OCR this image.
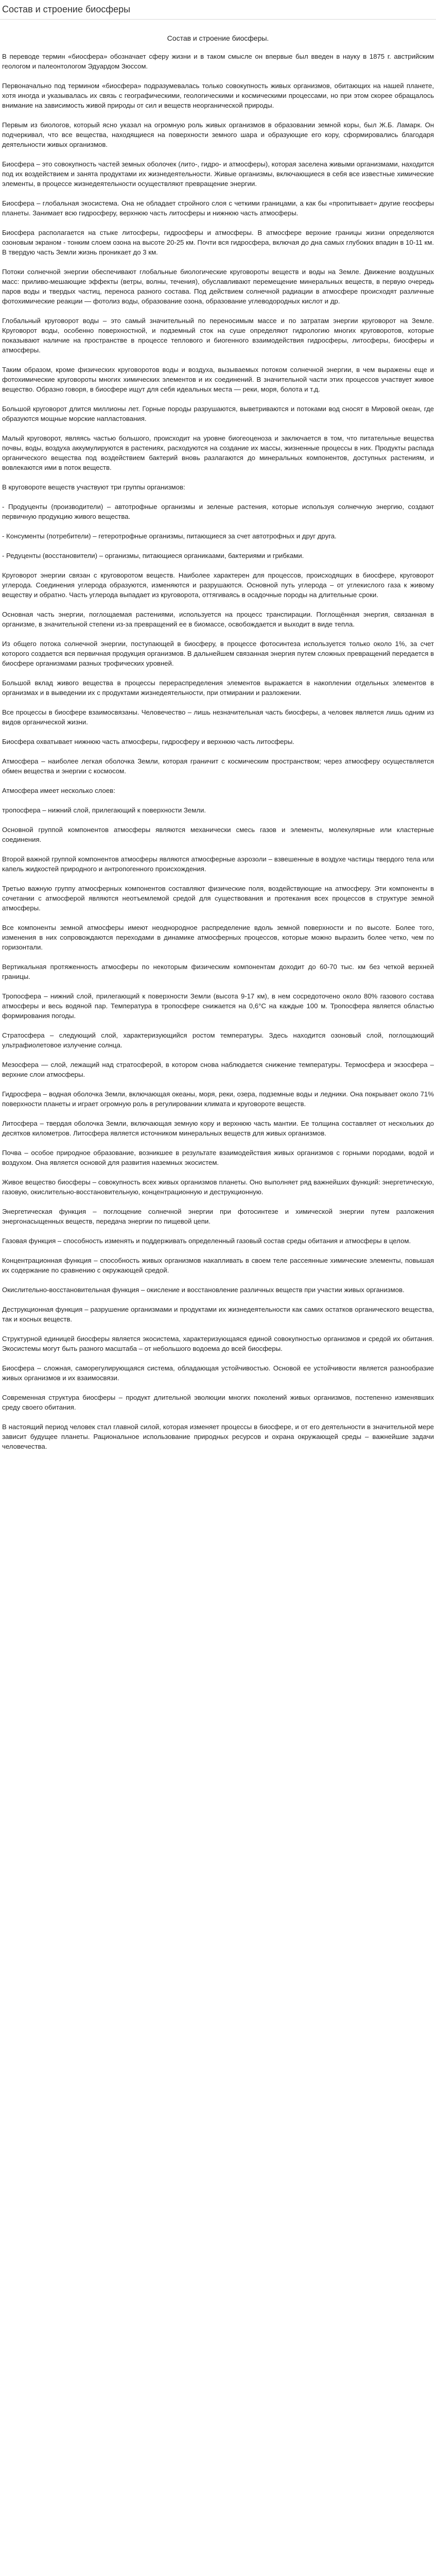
Состав и строение биосферы
Состав и строение биосферы.

В переводе термин «биосфера» обозначает сферу жизни и в таком смысле он впервые был введен в науку в 1875 г. австрийским геологом и палеонтологом Эдуардом Зюссом.

Первоначально под термином «биосфера» подразумевалась только совокупность живых организмов, обитающих на нашей планете, хотя иногда и указывалась их связь с географическими, геологическими и космическими процессами, но при этом скорее обращалось внимание на зависимость живой природы от сил и веществ неорганической природы.

Первым из биологов, который ясно указал на огромную роль живых организмов в образовании земной коры, был Ж.Б. Ламарк. Он подчеркивал, что все вещества, находящиеся на поверхности земного шара и образующие его кору, сформировались благодаря деятельности живых организмов.

Биосфера – это совокупность частей земных оболочек (лито-, гидро- и атмосферы), которая заселена живыми организмами, находится под их воздействием и занята продуктами их жизнедеятельности. Живые организмы, включающиеся в себя все известные химические элементы, в процессе жизнедеятельности осуществляют превращение энергии.

Биосфера – глобальная экосистема. Она не обладает стройного слоя с четкими границами, а как бы «пропитывает» другие геосферы планеты. Занимает всю гидросферу, верхнюю часть литосферы и нижнюю часть атмосферы.

Биосфера располагается на стыке литосферы, гидросферы и атмосферы. В атмосфере верхние границы жизни определяются озоновым экраном - тонким слоем озона на высоте 20-25 км. Почти вся гидросфера, включая до дна самых глубоких впадин в 10-11 км. В твердую часть Земли жизнь проникает до 3 км.

Потоки солнечной энергии обеспечивают глобальные биологические круговороты веществ и воды на Земле. Движение воздушных масс: приливо-мешающие эффекты (ветры, волны, течения), обуславливают перемещение минеральных веществ, в первую очередь паров воды и твердых частиц, переноса разного состава. Под действием солнечной радиации в атмосфере происходят различные фотохимические реакции — фотолиз воды, образование озона, образование углеводородных кислот и др.

Глобальный круговорот воды – это самый значительный по переносимым массе и по затратам энергии круговорот на Земле. Круговорот воды, особенно поверхностной, и подземный сток на суше определяют гидрологию многих круговоротов, которые показывают наличие на пространстве в процессе теплового и биогенного взаимодействия гидросферы, литосферы, биосферы и атмосферы.

Таким образом, кроме физических круговоротов воды и воздуха, вызываемых потоком солнечной энергии, в чем выражены еще и фотохимические круговороты многих химических элементов и их соединений. В значительной части этих процессов участвует живое вещество. Образно говоря, в биосфере ищут для себя идеальных места — реки, моря, болота и т.д.

Большой круговорот длится миллионы лет. Горные породы разрушаются, выветриваются и потоками вод сносят в Мировой океан, где образуются мощные морские напластования.

Малый круговорот, являясь частью большого, происходит на уровне биогеоценоза и заключается в том, что питательные вещества почвы, воды, воздуха аккумулируются в растениях, расходуются на создание их массы, жизненные процессы в них. Продукты распада органического вещества под воздействием бактерий вновь разлагаются до минеральных компонентов, доступных растениям, и вовлекаются ими в поток веществ.

В круговороте веществ участвуют три группы организмов:

- Продуценты (производители) – автотрофные организмы и зеленые растения, которые используя солнечную энергию, создают первичную продукцию живого вещества.

- Консументы (потребители) – гетеротрофные организмы, питающиеся за счет автотрофных и друг друга.

- Редуценты (восстановители) – организмы, питающиеся органикаами, бактериями и грибками.

Круговорот энергии связан с круговоротом веществ. Наиболее характерен для процессов, происходящих в биосфере, круговорот углерода. Соединения углерода образуются, изменяются и разрушаются. Основной путь углерода – от углекислого газа к живому веществу и обратно. Часть углерода выпадает из круговорота, оттягиваясь в осадочные породы на длительные сроки.

Основная часть энергии, поглощаемая растениями, используется на процесс транспирации. Поглощённая энергия, связанная в организме, в значительной степени из-за превращений ее в биомассе, освобождается и выходит в виде тепла.

Из общего потока солнечной энергии, поступающей в биосферу, в процессе фотосинтеза используется только около 1%, за счет которого создается вся первичная продукция организмов. В дальнейшем связанная энергия путем сложных превращений передается в биосфере организмами разных трофических уровней.

Большой вклад живого вещества в процессы перераспределения элементов выражается в накоплении отдельных элементов в организмах и в выведении их с продуктами жизнедеятельности, при отмирании и разложении.

Все процессы в биосфере взаимосвязаны. Человечество – лишь незначительная часть биосферы, а человек является лишь одним из видов органической жизни.

Биосфера охватывает нижнюю часть атмосферы, гидросферу и верхнюю часть литосферы.

Атмосфера – наиболее легкая оболочка Земли, которая граничит с космическим пространством; через атмосферу осуществляется обмен вещества и энергии с космосом.

Атмосфера имеет несколько слоев:

тропосфера – нижний слой, прилегающий к поверхности Земли.

Основной группой компонентов атмосферы являются механически смесь газов и элементы, молекулярные или кластерные соединения.

Второй важной группой компонентов атмосферы являются атмосферные аэрозоли – взвешенные в воздухе частицы твердого тела или капель жидкостей природного и антропогенного происхождения.

Третью важную группу атмосферных компонентов составляют физические поля, воздействующие на атмосферу. Эти компоненты в сочетании с атмосферой являются неотъемлемой средой для существования и протекания всех процессов в структуре земной атмосферы.

Все компоненты земной атмосферы имеют неоднородное распределение вдоль земной поверхности и по высоте. Более того, изменения в них сопровождаются переходами в динамике атмосферных процессов, которые можно выразить более четко, чем по горизонтали.

Вертикальная протяженность атмосферы по некоторым физическим компонентам доходит до 60-70 тыс. км без четкой верхней границы.

Тропосфера – нижний слой, прилегающий к поверхности Земли (высота 9-17 км), в нем сосредоточено около 80% газового состава атмосферы и весь водяной пар. Температура в тропосфере снижается на 0,6°C на каждые 100 м. Тропосфера является областью формирования погоды.

Стратосфера – следующий слой, характеризующийся ростом температуры. Здесь находится озоновый слой, поглощающий ультрафиолетовое излучение солнца.

Мезосфера — слой, лежащий над стратосферой, в котором снова наблюдается снижение температуры. Термосфера и экзосфера – верхние слои атмосферы.

Гидросфера – водная оболочка Земли, включающая океаны, моря, реки, озера, подземные воды и ледники. Она покрывает около 71% поверхности планеты и играет огромную роль в регулировании климата и круговороте веществ.

Литосфера – твердая оболочка Земли, включающая земную кору и верхнюю часть мантии. Ее толщина составляет от нескольких до десятков километров. Литосфера является источником минеральных веществ для живых организмов.

Почва – особое природное образование, возникшее в результате взаимодействия живых организмов с горными породами, водой и воздухом. Она является основой для развития наземных экосистем.

Живое вещество биосферы – совокупность всех живых организмов планеты. Оно выполняет ряд важнейших функций: энергетическую, газовую, окислительно-восстановительную, концентрационную и деструкционную.

Энергетическая функция – поглощение солнечной энергии при фотосинтезе и химической энергии путем разложения энергонасыщенных веществ, передача энергии по пищевой цепи.

Газовая функция – способность изменять и поддерживать определенный газовый состав среды обитания и атмосферы в целом.

Концентрационная функция – способность живых организмов накапливать в своем теле рассеянные химические элементы, повышая их содержание по сравнению с окружающей средой.

Окислительно-восстановительная функция – окисление и восстановление различных веществ при участии живых организмов.

Деструкционная функция – разрушение организмами и продуктами их жизнедеятельности как самих остатков органического вещества, так и косных веществ.

Структурной единицей биосферы является экосистема, характеризующаяся единой совокупностью организмов и средой их обитания. Экосистемы могут быть разного масштаба – от небольшого водоема до всей биосферы.

Биосфера – сложная, саморегулирующаяся система, обладающая устойчивостью. Основой ее устойчивости является разнообразие живых организмов и их взаимосвязи.

Современная структура биосферы – продукт длительной эволюции многих поколений живых организмов, постепенно изменявших среду своего обитания.

В настоящий период человек стал главной силой, которая изменяет процессы в биосфере, и от его деятельности в значительной мере зависит будущее планеты. Рациональное использование природных ресурсов и охрана окружающей среды – важнейшие задачи человечества.
